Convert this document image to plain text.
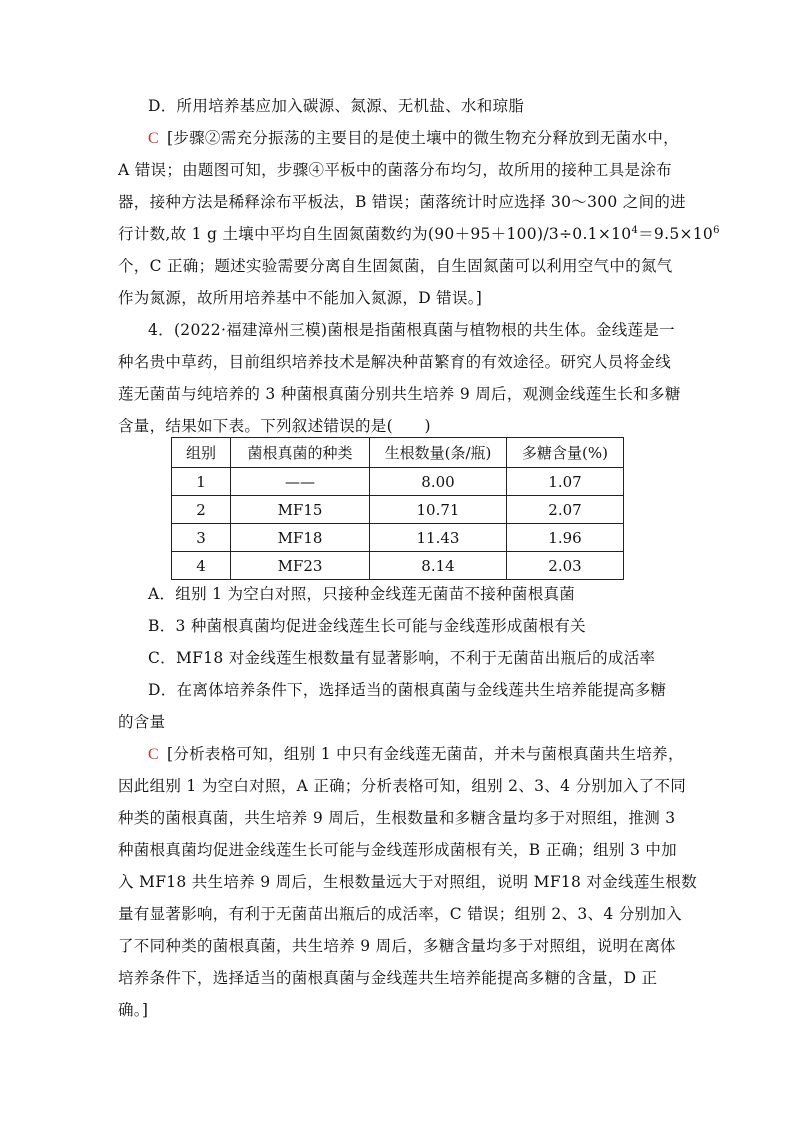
D．所用培养基应加入碳源、氮源、无机盐、水和琼脂
C [步骤②需充分振荡的主要目的是使土壤中的微生物充分释放到无菌水中，
A 错误；由题图可知，步骤④平板中的菌落分布均匀，故所用的接种工具是涂布
器，接种方法是稀释涂布平板法，B 错误；菌落统计时应选择 30～300 之间的进
行计数,故 1 g 土壤中平均自生固氮菌数约为$(90+95+100)/3\div 0.1\times 10^4=9.5\times 10^6$
个，C 正确；题述实验需要分离自生固氮菌，自生固氮菌可以利用空气中的氮气
作为氮源，故所用培养基中不能加入氮源，D 错误。]
4．(2022·福建漳州三模)菌根是指菌根真菌与植物根的共生体。金线莲是一
种名贵中草药，目前组织培养技术是解决种苗繁育的有效途径。研究人员将金线
莲无菌苗与纯培养的 3 种菌根真菌分别共生培养 9 周后，观测金线莲生长和多糖
含量，结果如下表。下列叙述错误的是(　　)
组别	菌根真菌的种类	生根数量(条/瓶)	多糖含量(%)
1	——	8.00	1.07
2	MF15	10.71	2.07
3	MF18	11.43	1.96
4	MF23	8.14	2.03
A．组别 1 为空白对照，只接种金线莲无菌苗不接种菌根真菌
B．3 种菌根真菌均促进金线莲生长可能与金线莲形成菌根有关
C．MF18 对金线莲生根数量有显著影响，不利于无菌苗出瓶后的成活率
D．在离体培养条件下，选择适当的菌根真菌与金线莲共生培养能提高多糖
的含量
C [分析表格可知，组别 1 中只有金线莲无菌苗，并未与菌根真菌共生培养，
因此组别 1 为空白对照，A 正确；分析表格可知，组别 2、3、4 分别加入了不同
种类的菌根真菌，共生培养 9 周后，生根数量和多糖含量均多于对照组，推测 3
种菌根真菌均促进金线莲生长可能与金线莲形成菌根有关，B 正确；组别 3 中加
入 MF18 共生培养 9 周后，生根数量远大于对照组，说明 MF18 对金线莲生根数
量有显著影响，有利于无菌苗出瓶后的成活率，C 错误；组别 2、3、4 分别加入
了不同种类的菌根真菌，共生培养 9 周后，多糖含量均多于对照组，说明在离体
培养条件下，选择适当的菌根真菌与金线莲共生培养能提高多糖的含量，D 正
确。]
